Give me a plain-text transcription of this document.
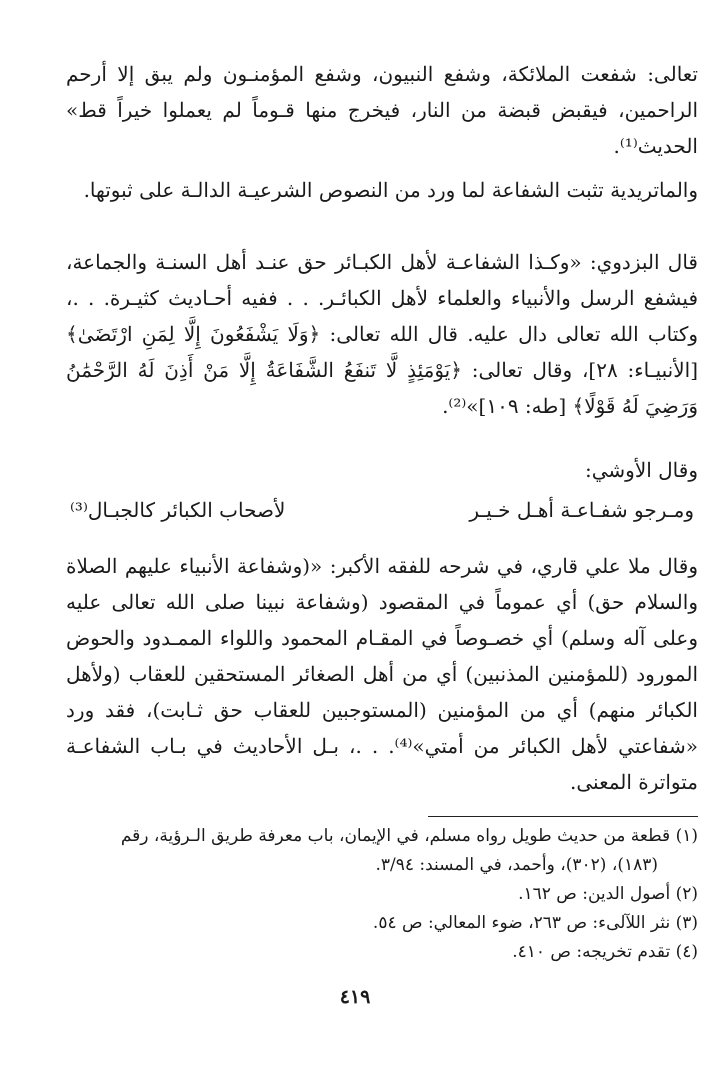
تعالى: شفعت الملائكة، وشفع النبيون، وشفع المؤمنـون ولم يبق إلا أرحم الراحمين، فيقبض قبضة من النار، فيخرج منها قـوماً لم يعملوا خيراً قط» الحديث⁽¹⁾.

والماتريدية تثبت الشفاعة لما ورد من النصوص الشرعيـة الدالـة على ثبوتها.

قال البزدوي: «وكـذا الشفاعـة لأهل الكبـائر حق عنـد أهل السنـة والجماعة، فيشفع الرسل والأنبياء والعلماء لأهل الكبائـر. . . ففيه أحـاديث كثيـرة. . .، وكتاب الله تعالى دال عليه. قال الله تعالى: ﴿وَلَا يَشْفَعُونَ إِلَّا لِمَنِ ارْتَضَىٰ﴾ [الأنبيـاء: ٢٨]، وقال تعالى: ﴿يَوْمَئِذٍ لَّا تَنفَعُ الشَّفَاعَةُ إِلَّا مَنْ أَذِنَ لَهُ الرَّحْمَٰنُ وَرَضِيَ لَهُ قَوْلًا﴾ [طه: ١٠٩]»⁽²⁾.

وقال الأوشي:

ومـرجو شفـاعـة أهـل خـيـر
لأصحاب الكبائر كالجبـال⁽³⁾

وقال ملا علي قاري، في شرحه للفقه الأكبر: «(وشفاعة الأنبياء عليهم الصلاة والسلام حق) أي عموماً في المقصود (وشفاعة نبينا صلى الله تعالى عليه وعلى آله وسلم) أي خصـوصاً في المقـام المحمود واللواء الممـدود والحوض المورود (للمؤمنين المذنبين) أي من أهل الصغائر المستحقين للعقاب (ولأهل الكبائر منهم) أي من المؤمنين (المستوجبين للعقاب حق ثـابت)، فقد ورد «شفاعتي لأهل الكبائر من أمتي»⁽⁴⁾. . .، بـل الأحاديث في بـاب الشفاعـة متواترة المعنى.

(١) قطعة من حديث طويل رواه مسلم، في الإيمان، باب معرفة طريق الـرؤية، رقم

(١٨٣)، (٣٠٢)، وأحمد، في المسند: ٣/٩٤.

(٢) أصول الدين: ص ١٦٢.

(٣) نثر اللآلىء: ص ٢٦٣، ضوء المعالي: ص ٥٤.

(٤) تقدم تخريجه: ص ٤١٠.

٤١٩
